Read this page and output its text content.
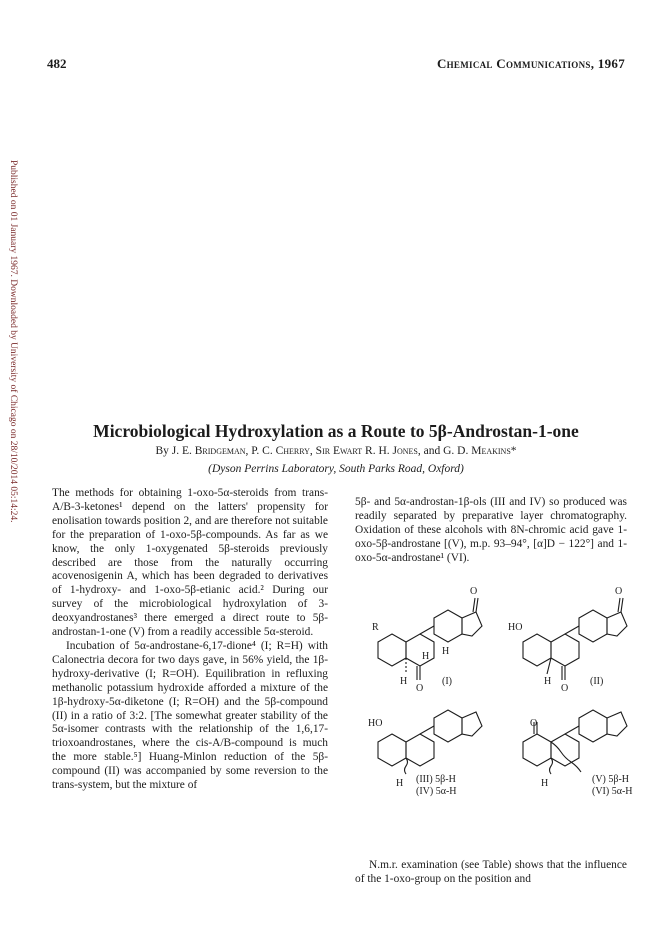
482	Chemical Communications, 1967
Published on 01 January 1967. Downloaded by University of Chicago on 28/10/2014 05:14:24.	Microbiological Hydroxylation as a Route to 5β-Androstan-1-one
By J. E. Bridgeman, P. C. Cherry, Sir Ewart R. H. Jones, and G. D. Meakins*
(Dyson Perrins Laboratory, South Parks Road, Oxford)

The methods for obtaining 1-oxo-5α-steroids from trans-A/B-3-ketones¹ depend on the latters' propensity for enolisation towards position 2, and are therefore not suitable for the preparation of 1-oxo-5β-compounds. As far as we know, the only 1-oxygenated 5β-steroids previously described are those from the naturally occurring acovenosigenin A, which has been degraded to derivatives of 1-hydroxy- and 1-oxo-5β-etianic acid.² During our survey of the microbiological hydroxylation of 3-deoxyandrostanes³ there emerged a direct route to 5β-androstan-1-one (V) from a readily accessible 5α-steroid.

Incubation of 5α-androstane-6,17-dione⁴ (I; R=H) with Calonectria decora for two days gave, in 56% yield, the 1β-hydroxy-derivative (I; R=OH). Equilibration in refluxing methanolic potassium hydroxide afforded a mixture of the 1β-hydroxy-5α-diketone (I; R=OH) and the 5β-compound (II) in a ratio of 3:2. [The somewhat greater stability of the 5α-isomer contrasts with the relationship of the 1,6,17-trioxoandrostanes, where the cis-A/B-compound is much the more stable.⁵] Huang-Minlon reduction of the 5β-compound (II) was accompanied by some reversion to the trans-system, but the mixture of

5β- and 5α-androstan-1β-ols (III and IV) so produced was readily separated by preparative layer chromatography. Oxidation of these alcohols with 8N-chromic acid gave 1-oxo-5β-androstane [(V), m.p. 93–94°, [α]D − 122°] and 1-oxo-5α-androstane¹ (VI).

R
O
O
H
H H
(I)
HO
O
O
H	(II)
HO
H (III) 5β-H
(IV) 5α-H
O
H	(V) 5β-H
(VI) 5α-H

N.m.r. examination (see Table) shows that the influence of the 1-oxo-group on the position and
